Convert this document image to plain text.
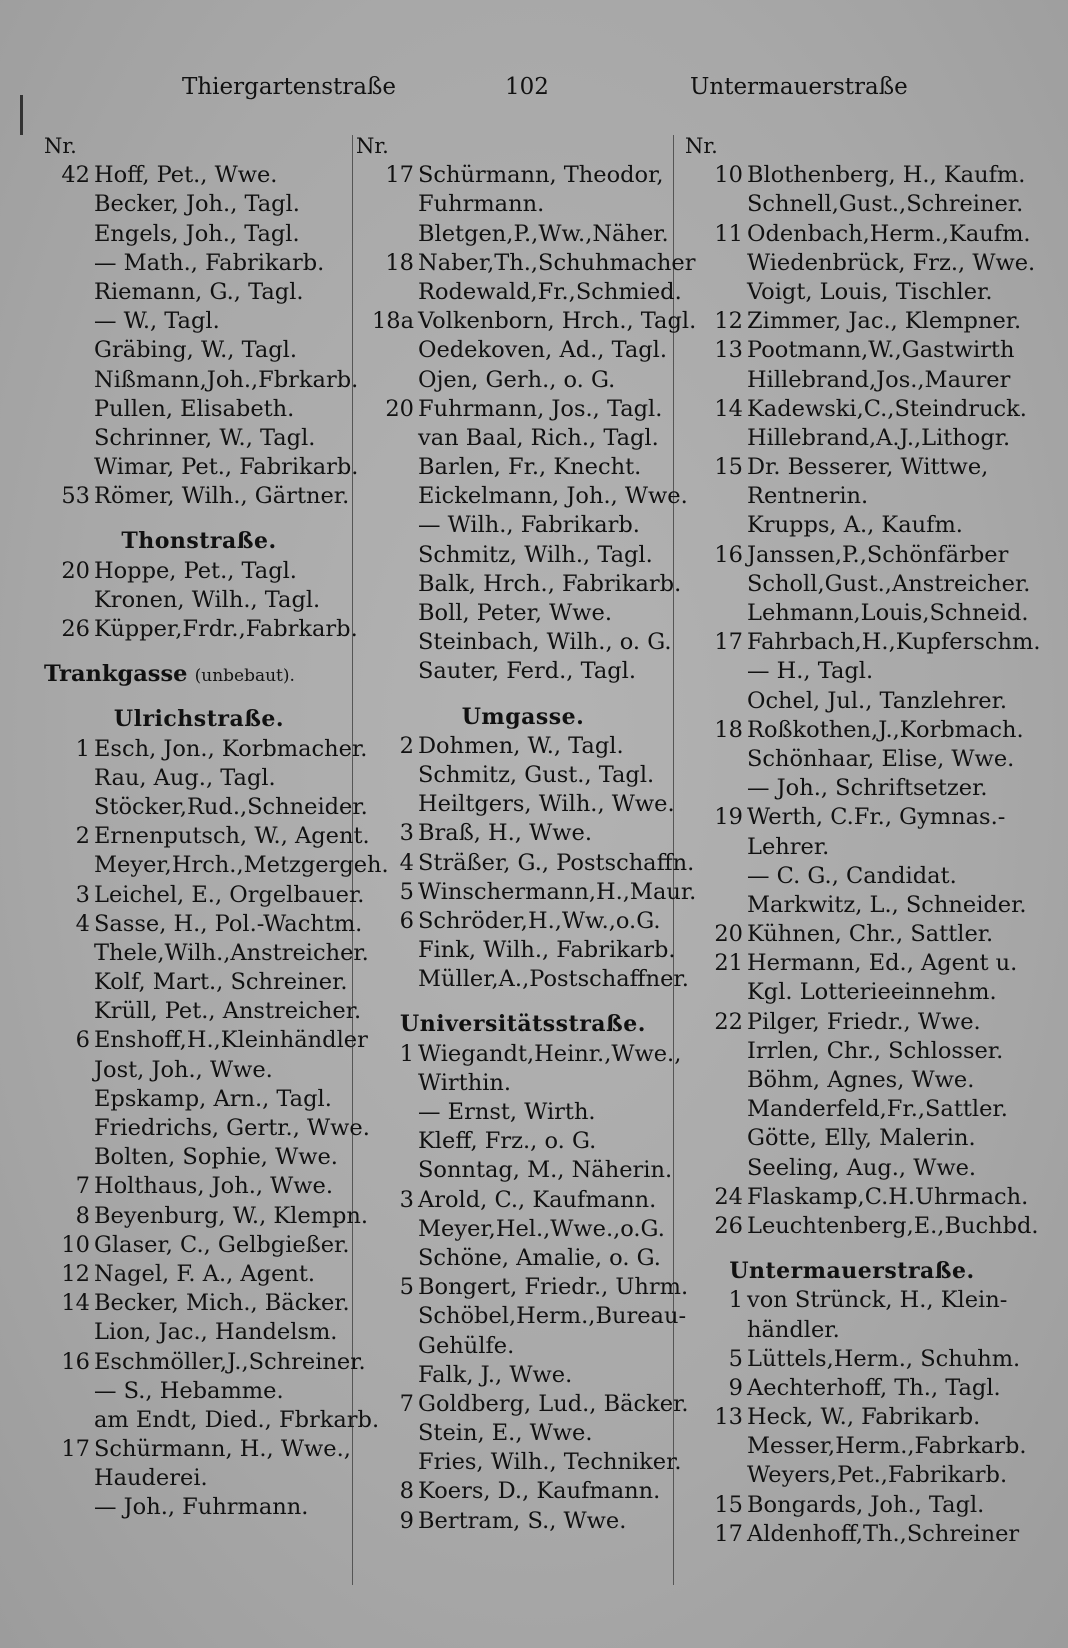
Thiergartenstraße	102	Untermauerstraße
Nr.
42 Hoff, Pet., Wwe.
Becker, Joh., Tagl.
Engels, Joh., Tagl.
— Math., Fabrikarb.
Riemann, G., Tagl.
— W., Tagl.
Gräbing, W., Tagl.
Nißmann,Joh.,Fbrkarb.
Pullen, Elisabeth.
Schrinner, W., Tagl.
Wimar, Pet., Fabrikarb.
53 Römer, Wilh., Gärtner.
Thonstraße.
20 Hoppe, Pet., Tagl.
Kronen, Wilh., Tagl.
26 Küpper,Frdr.,Fabrkarb.
Trankgasse (unbebaut).
Ulrichstraße.
1 Esch, Jon., Korbmacher.
Rau, Aug., Tagl.
Stöcker,Rud.,Schneider.
2 Ernenputsch, W., Agent.
Meyer,Hrch.,Metzgergeh.
3 Leichel, E., Orgelbauer.
4 Sasse, H., Pol.-Wachtm.
Thele,Wilh.,Anstreicher.
Kolf, Mart., Schreiner.
Krüll, Pet., Anstreicher.
6 Enshoff,H.,Kleinhändler
Jost, Joh., Wwe.
Epskamp, Arn., Tagl.
Friedrichs, Gertr., Wwe.
Bolten, Sophie, Wwe.
7 Holthaus, Joh., Wwe.
8 Beyenburg, W., Klempn.
10 Glaser, C., Gelbgießer.
12 Nagel, F. A., Agent.
14 Becker, Mich., Bäcker.
Lion, Jac., Handelsm.
16 Eschmöller,J.,Schreiner.
— S., Hebamme.
am Endt, Died., Fbrkarb.
17 Schürmann, H., Wwe.,
Hauderei.
— Joh., Fuhrmann.
Nr.
17 Schürmann, Theodor,
Fuhrmann.
Bletgen,P.,Ww.,Näher.
18 Naber,Th.,Schuhmacher
Rodewald,Fr.,Schmied.
18a Volkenborn, Hrch., Tagl.
Oedekoven, Ad., Tagl.
Ojen, Gerh., o. G.
20 Fuhrmann, Jos., Tagl.
van Baal, Rich., Tagl.
Barlen, Fr., Knecht.
Eickelmann, Joh., Wwe.
— Wilh., Fabrikarb.
Schmitz, Wilh., Tagl.
Balk, Hrch., Fabrikarb.
Boll, Peter, Wwe.
Steinbach, Wilh., o. G.
Sauter, Ferd., Tagl.
Umgasse.
2 Dohmen, W., Tagl.
Schmitz, Gust., Tagl.
Heiltgers, Wilh., Wwe.
3 Braß, H., Wwe.
4 Sträßer, G., Postschaffn.
5 Winschermann,H.,Maur.
6 Schröder,H.,Ww.,o.G.
Fink, Wilh., Fabrikarb.
Müller,A.,Postschaffner.
Universitätsstraße.
1 Wiegandt,Heinr.,Wwe.,
Wirthin.
— Ernst, Wirth.
Kleff, Frz., o. G.
Sonntag, M., Näherin.
3 Arold, C., Kaufmann.
Meyer,Hel.,Wwe.,o.G.
Schöne, Amalie, o. G.
5 Bongert, Friedr., Uhrm.
Schöbel,Herm.,Bureau-
Gehülfe.
Falk, J., Wwe.
7 Goldberg, Lud., Bäcker.
Stein, E., Wwe.
Fries, Wilh., Techniker.
8 Koers, D., Kaufmann.
9 Bertram, S., Wwe.
Nr.
10 Blothenberg, H., Kaufm.
Schnell,Gust.,Schreiner.
11 Odenbach,Herm.,Kaufm.
Wiedenbrück, Frz., Wwe.
Voigt, Louis, Tischler.
12 Zimmer, Jac., Klempner.
13 Pootmann,W.,Gastwirth
Hillebrand,Jos.,Maurer
14 Kadewski,C.,Steindruck.
Hillebrand,A.J.,Lithogr.
15 Dr. Besserer, Wittwe,
Rentnerin.
Krupps, A., Kaufm.
16 Janssen,P.,Schönfärber
Scholl,Gust.,Anstreicher.
Lehmann,Louis,Schneid.
17 Fahrbach,H.,Kupferschm.
— H., Tagl.
Ochel, Jul., Tanzlehrer.
18 Roßkothen,J.,Korbmach.
Schönhaar, Elise, Wwe.
— Joh., Schriftsetzer.
19 Werth, C.Fr., Gymnas.-
Lehrer.
— C. G., Candidat.
Markwitz, L., Schneider.
20 Kühnen, Chr., Sattler.
21 Hermann, Ed., Agent u.
Kgl. Lotterieeinnehm.
22 Pilger, Friedr., Wwe.
Irrlen, Chr., Schlosser.
Böhm, Agnes, Wwe.
Manderfeld,Fr.,Sattler.
Götte, Elly, Malerin.
Seeling, Aug., Wwe.
24 Flaskamp,C.H.Uhrmach.
26 Leuchtenberg,E.,Buchbd.
Untermauerstraße.
1 von Strünck, H., Klein-
händler.
5 Lüttels,Herm., Schuhm.
9 Aechterhoff, Th., Tagl.
13 Heck, W., Fabrikarb.
Messer,Herm.,Fabrkarb.
Weyers,Pet.,Fabrikarb.
15 Bongards, Joh., Tagl.
17 Aldenhoff,Th.,Schreiner
